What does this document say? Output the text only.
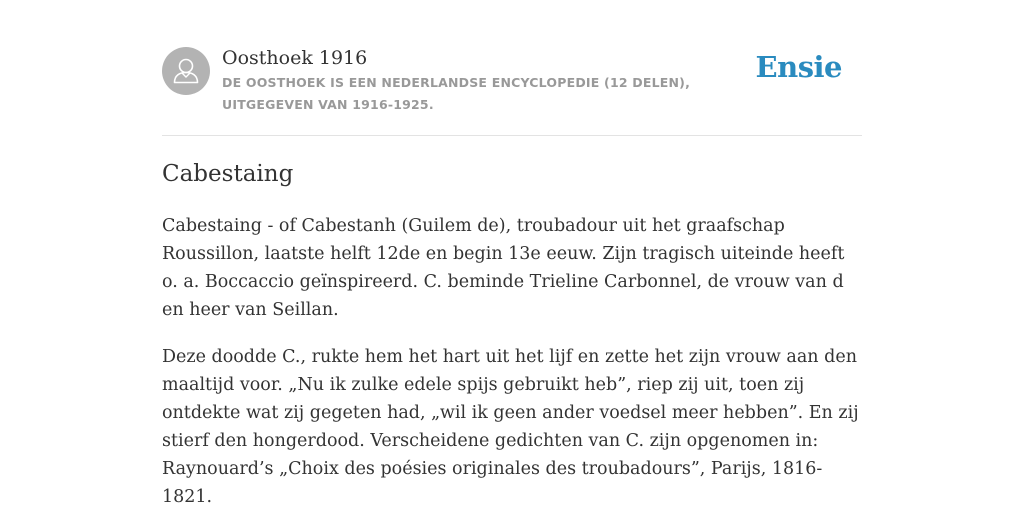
Oosthoek 1916
DE OOSTHOEK IS EEN NEDERLANDSE ENCYCLOPEDIE (12 DELEN), UITGEGEVEN VAN 1916-1925.
Ensie
Cabestaing

Cabestaing - of Cabestanh (Guilem de), troubadour uit het graafschap Roussillon, laatste helft 12de en begin 13e eeuw. Zijn tragisch uiteinde heeft o. a. Boccaccio geïnspireerd. C. beminde Trieline Carbonnel, de vrouw van d en heer van Seillan.

Deze doodde C., rukte hem het hart uit het lijf en zette het zijn vrouw aan den maaltijd voor. „Nu ik zulke edele spijs gebruikt heb”, riep zij uit, toen zij ontdekte wat zij gegeten had, „wil ik geen ander voedsel meer hebben”. En zij stierf den hongerdood. Verscheidene gedichten van C. zijn opgenomen in: Raynouard’s „Choix des poésies originales des troubadours”, Parijs, 1816-1821.
